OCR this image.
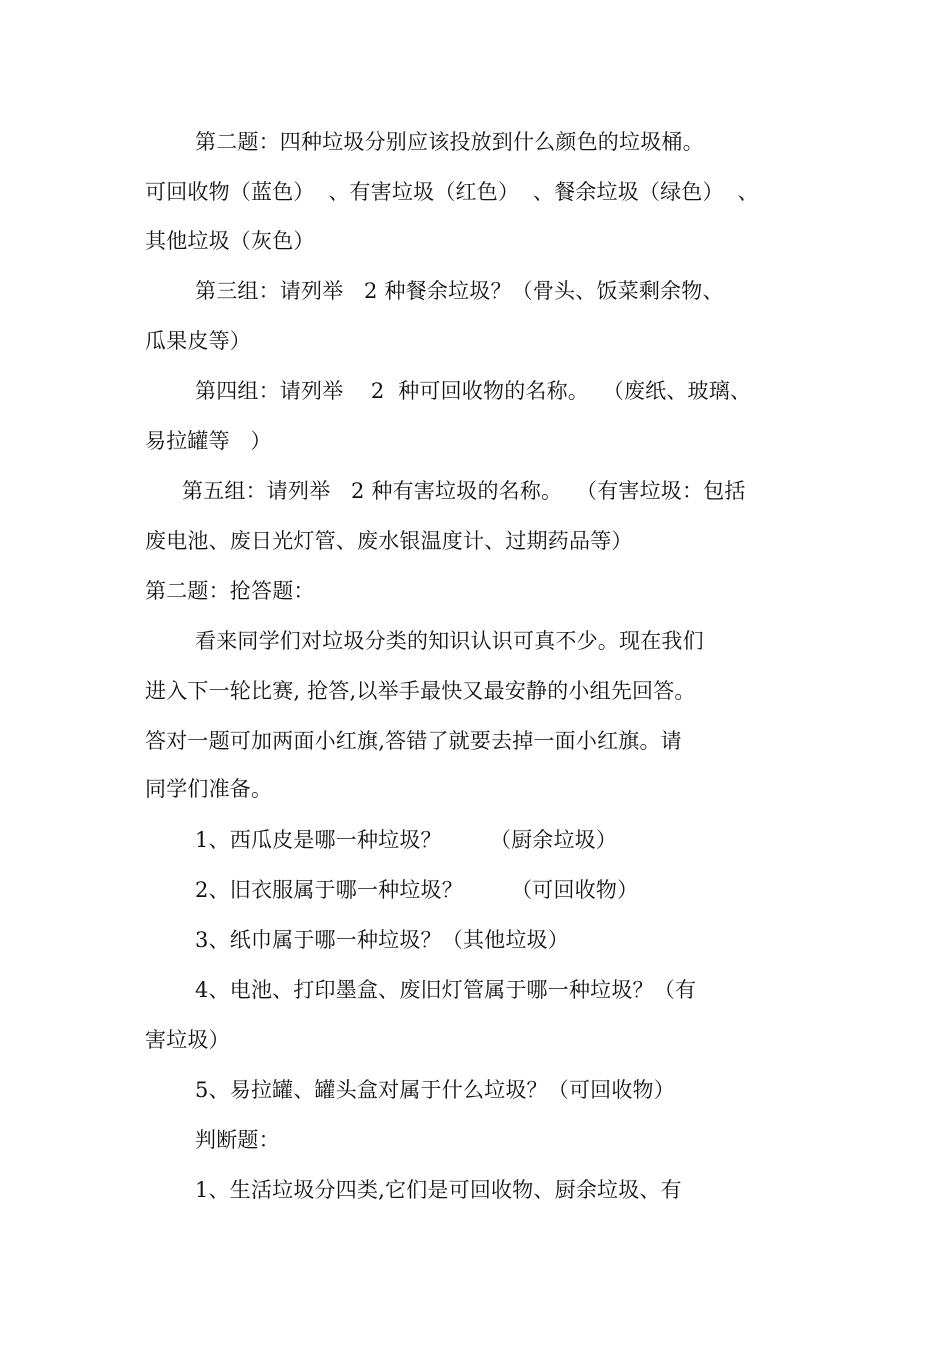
第二题：四种垃圾分别应该投放到什么颜色的垃圾桶。
可回收物（蓝色）  、有害垃圾（红色）  、餐余垃圾（绿色）  、
其他垃圾（灰色）
第三组：请列举   2 种餐余垃圾？（骨头、饭菜剩余物、
瓜果皮等）
第四组：请列举    2  种可回收物的名称。  （废纸、玻璃、
易拉罐等   ）
第五组：请列举   2 种有害垃圾的名称。  （有害垃圾：包括
废电池、废日光灯管、废水银温度计、过期药品等）
第二题：抢答题：
看来同学们对垃圾分类的知识认识可真不少。现在我们
进入下一轮比赛, 抢答,以举手最快又最安静的小组先回答。
答对一题可加两面小红旗,答错了就要去掉一面小红旗。请
同学们准备。
1、西瓜皮是哪一种垃圾？       （厨余垃圾）
2、旧衣服属于哪一种垃圾？       （可回收物）
3、纸巾属于哪一种垃圾？（其他垃圾）
4、电池、打印墨盒、废旧灯管属于哪一种垃圾？（有
害垃圾）
5、易拉罐、罐头盒对属于什么垃圾？（可回收物）
判断题：
1、生活垃圾分四类,它们是可回收物、厨余垃圾、有
